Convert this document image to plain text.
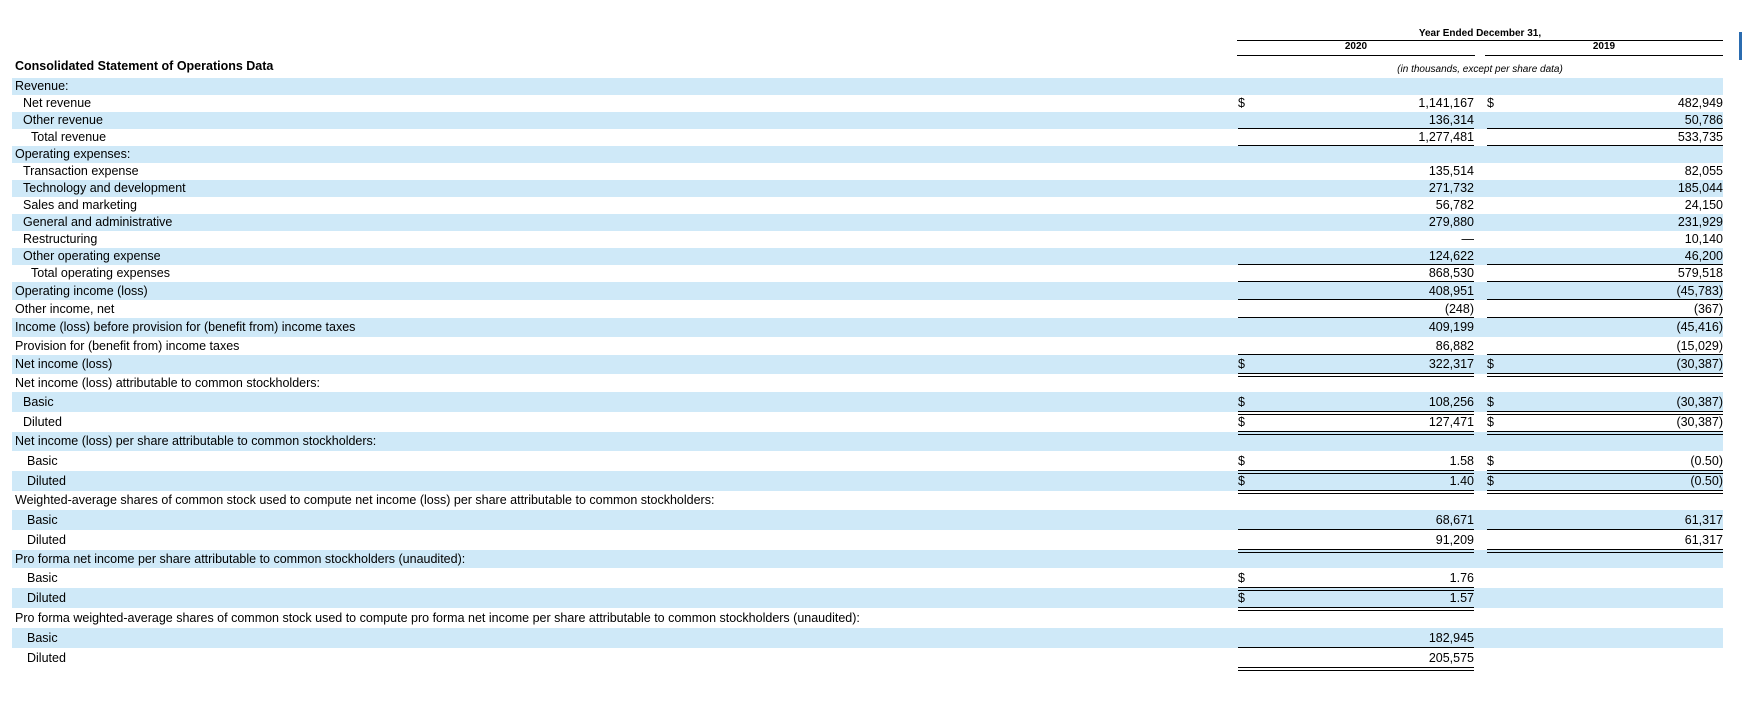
Year Ended December 31,
2020	2019
(in thousands, except per share data)
Consolidated Statement of Operations Data
Revenue:
Net revenue	$	1,141,167 $	482,949
Other revenue	136,314	50,786
Total revenue	1,277,481	533,735
Operating expenses:
Transaction expense	135,514	82,055
Technology and development	271,732	185,044
Sales and marketing	56,782	24,150
General and administrative	279,880	231,929
Restructuring	—	10,140
Other operating expense	124,622	46,200
Total operating expenses	868,530	579,518
Operating income (loss)	408,951	(45,783)
Other income, net	(248)	(367)
Income (loss) before provision for (benefit from) income taxes	409,199	(45,416)
Provision for (benefit from) income taxes	86,882	(15,029)
Net income (loss)	$	322,317 $	(30,387)
Net income (loss) attributable to common stockholders:
Basic	$	108,256 $	(30,387)
Diluted	$	127,471 $	(30,387)
Net income (loss) per share attributable to common stockholders:
Basic	$	1.58 $	(0.50)
Diluted	$	1.40 $	(0.50)
Weighted-average shares of common stock used to compute net income (loss) per share attributable to common stockholders:
Basic	68,671	61,317
Diluted	91,209	61,317
Pro forma net income per share attributable to common stockholders (unaudited):
Basic	$	1.76
Diluted	$	1.57
Pro forma weighted-average shares of common stock used to compute pro forma net income per share attributable to common stockholders (unaudited):
Basic	182,945
Diluted	205,575
